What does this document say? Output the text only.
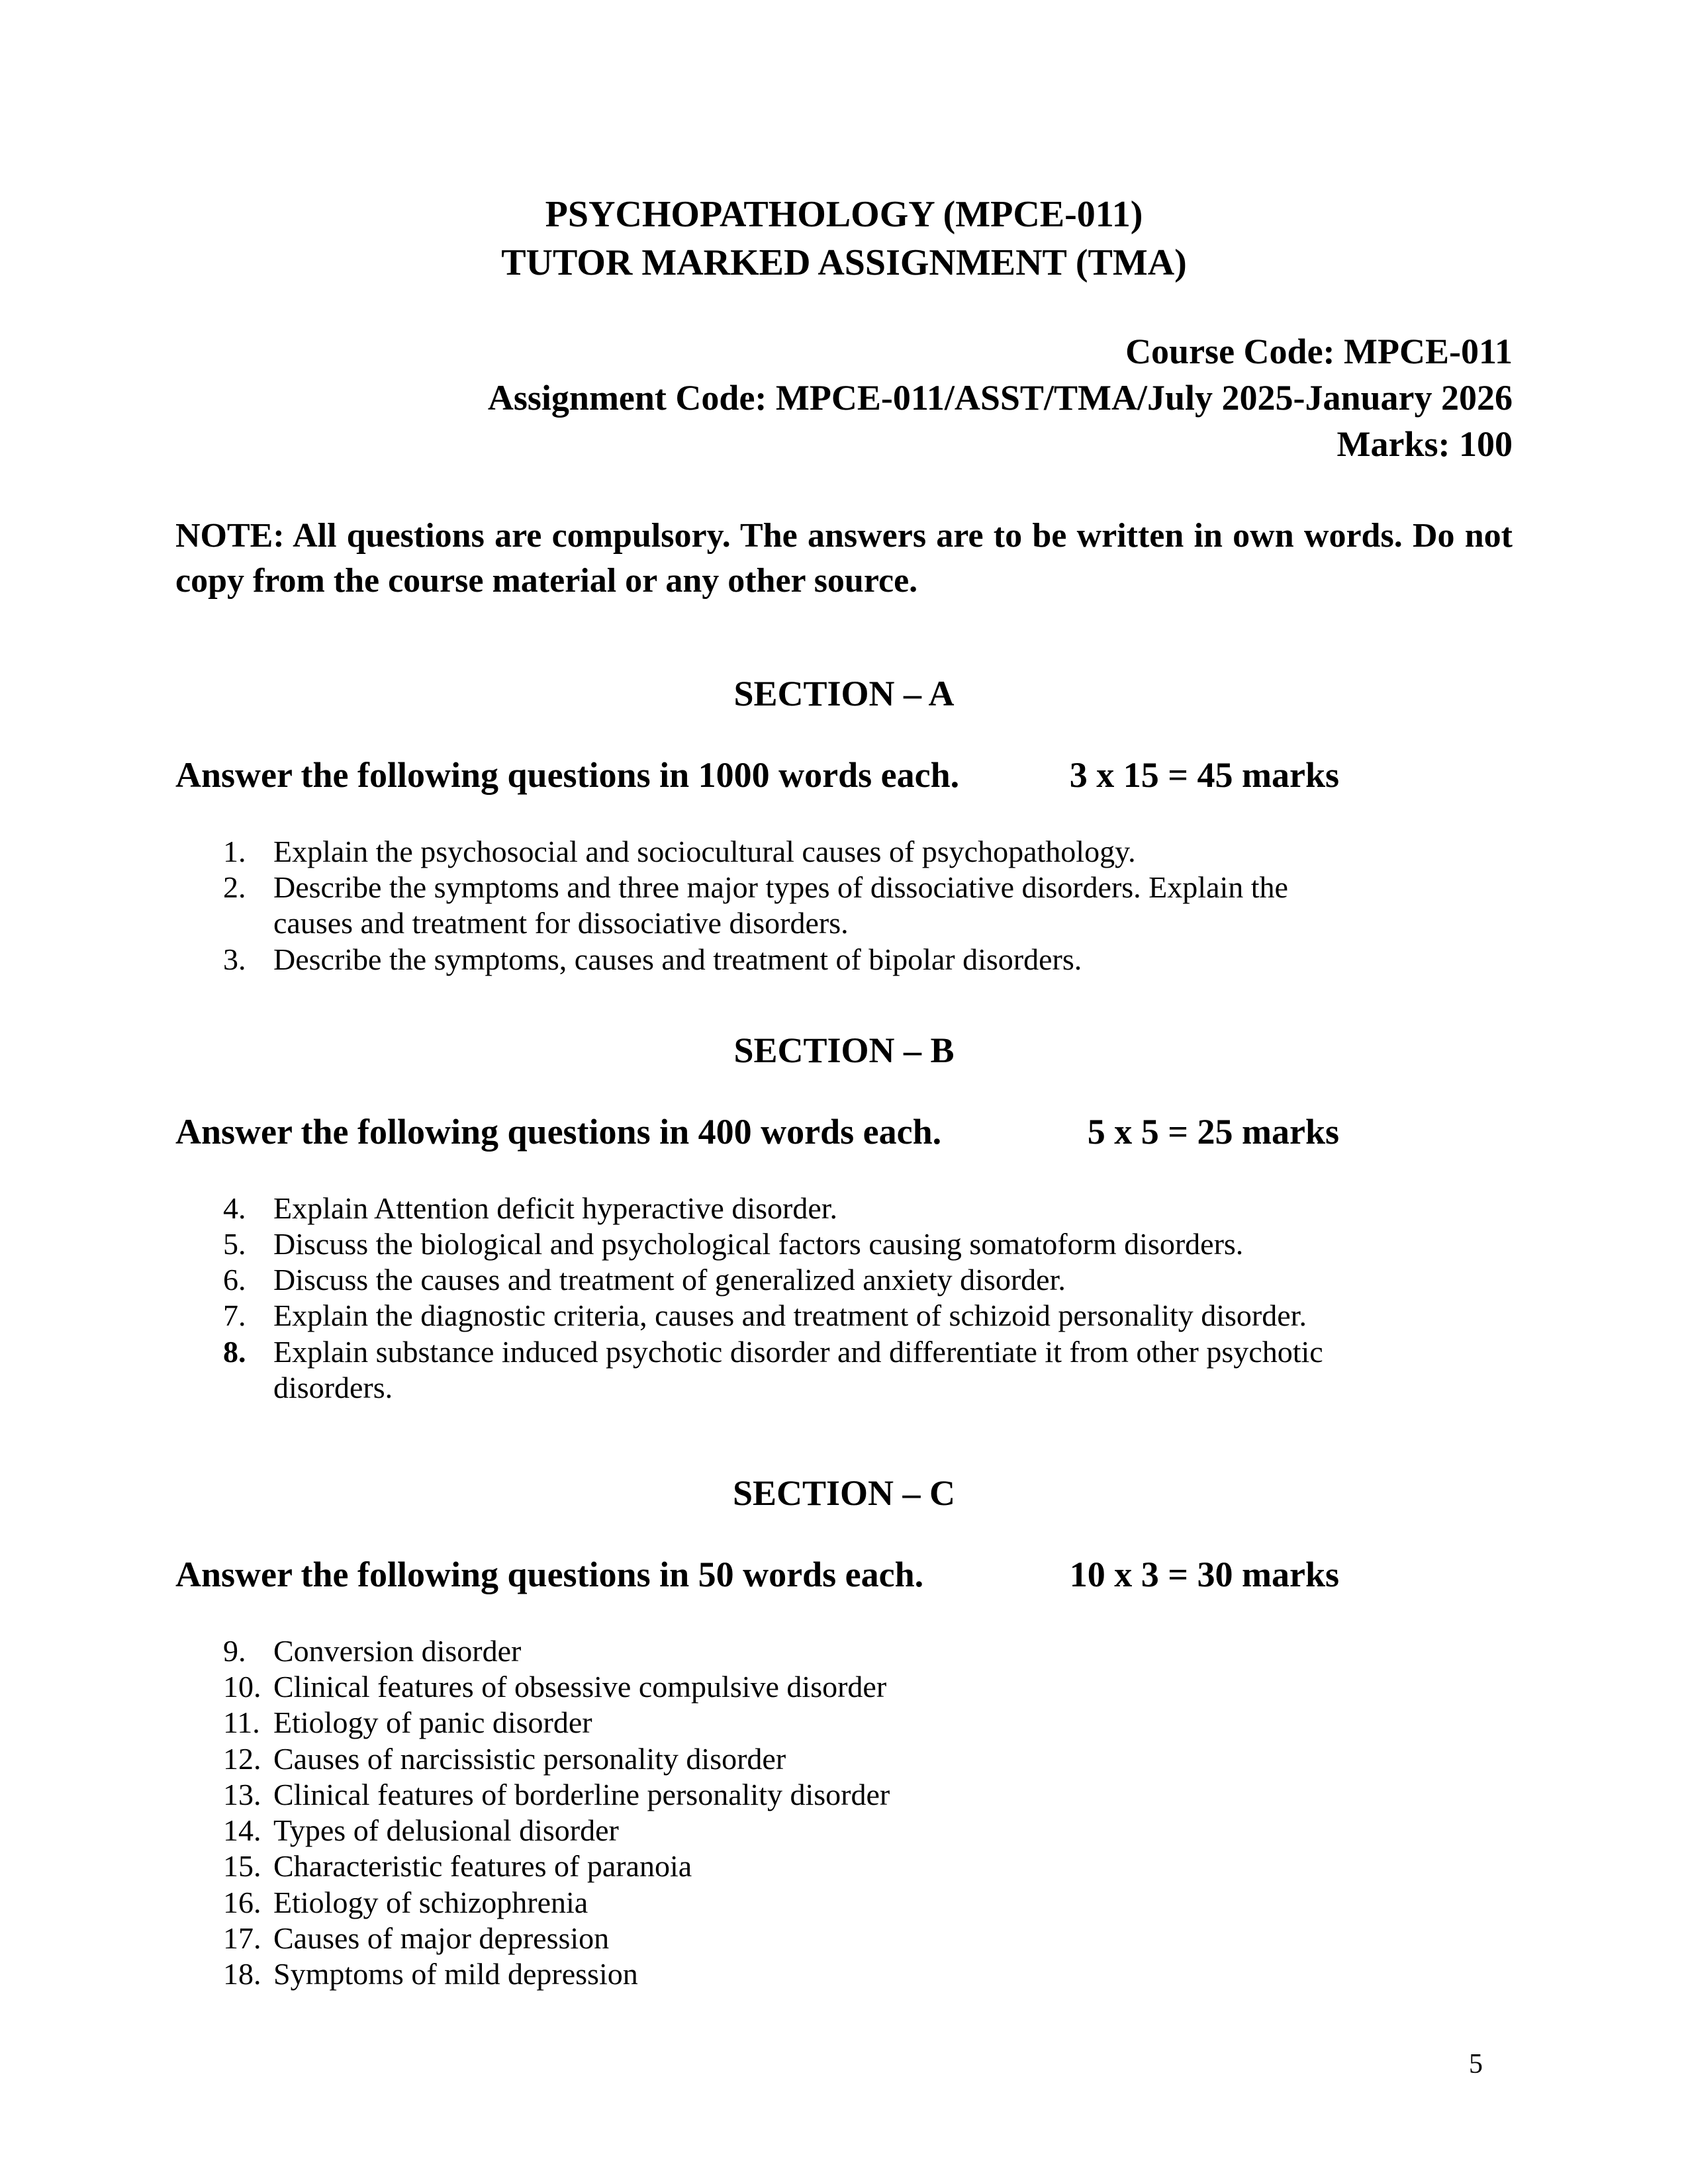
PSYCHOPATHOLOGY (MPCE-011)
TUTOR MARKED ASSIGNMENT (TMA)
Course Code: MPCE-011
Assignment Code: MPCE-011/ASST/TMA/July 2025-January 2026
Marks: 100

NOTE: All questions are compulsory. The answers are to be written in own words. Do not copy from the course material or any other source.

SECTION – A
Answer the following questions in 1000 words each.	3 x 15 = 45 marks
1. Explain the psychosocial and sociocultural causes of psychopathology.
2. Describe the symptoms and three major types of dissociative disorders. Explain the causes and treatment for dissociative disorders.
3. Describe the symptoms, causes and treatment of bipolar disorders.
SECTION – B
Answer the following questions in 400 words each.	5 x 5 = 25 marks
4. Explain Attention deficit hyperactive disorder.
5. Discuss the biological and psychological factors causing somatoform disorders.
6. Discuss the causes and treatment of generalized anxiety disorder.
7. Explain the diagnostic criteria, causes and treatment of schizoid personality disorder.
8. Explain substance induced psychotic disorder and differentiate it from other psychotic disorders.
SECTION – C
Answer the following questions in 50 words each.	10 x 3 = 30 marks
9. Conversion disorder
10. Clinical features of obsessive compulsive disorder
11. Etiology of panic disorder
12. Causes of narcissistic personality disorder
13. Clinical features of borderline personality disorder
14. Types of delusional disorder
15. Characteristic features of paranoia
16. Etiology of schizophrenia
17. Causes of major depression
18. Symptoms of mild depression
5
